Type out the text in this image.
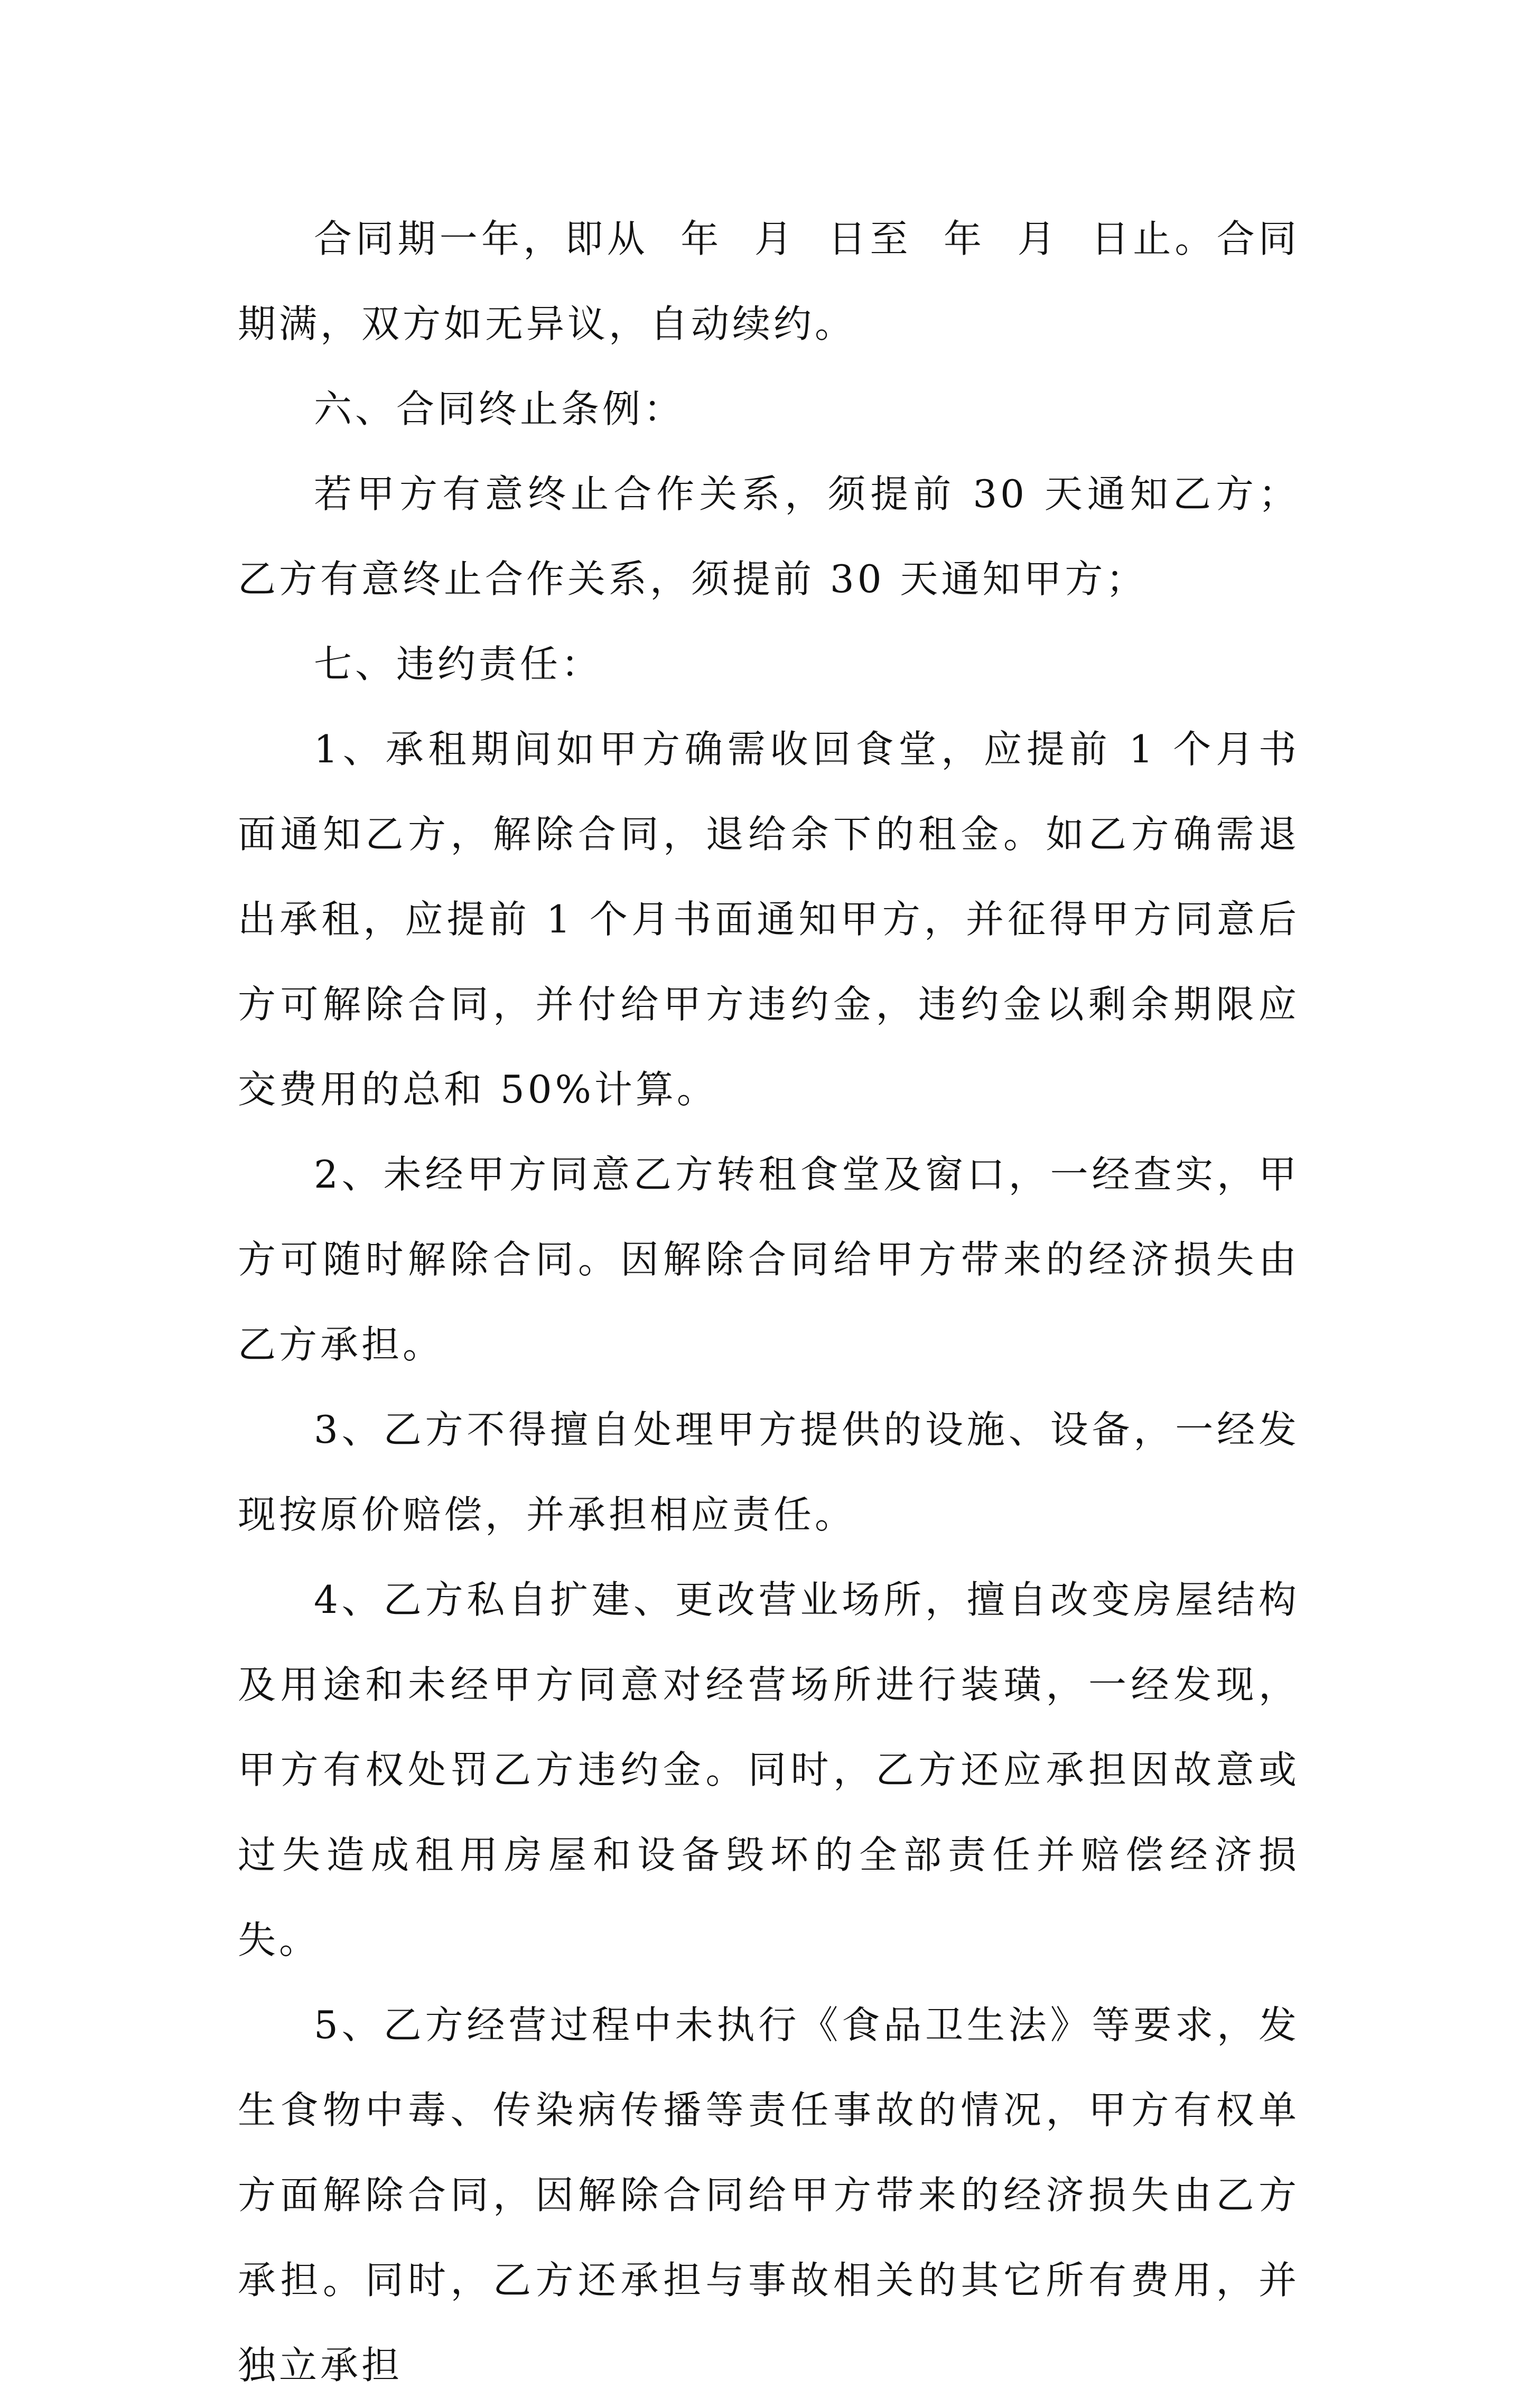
合同期一年，即从  年  月  日至  年  月  日止。合同期满，双方如无异议，自动续约。

六、合同终止条例：

若甲方有意终止合作关系，须提前 30 天通知乙方；乙方有意终止合作关系，须提前 30 天通知甲方；

七、违约责任：

1、承租期间如甲方确需收回食堂，应提前 1 个月书面通知乙方，解除合同，退给余下的租金。如乙方确需退出承租，应提前 1 个月书面通知甲方，并征得甲方同意后方可解除合同，并付给甲方违约金，违约金以剩余期限应交费用的总和 50%计算。

2、未经甲方同意乙方转租食堂及窗口，一经查实，甲方可随时解除合同。因解除合同给甲方带来的经济损失由乙方承担。

3、乙方不得擅自处理甲方提供的设施、设备，一经发现按原价赔偿，并承担相应责任。

4、乙方私自扩建、更改营业场所，擅自改变房屋结构及用途和未经甲方同意对经营场所进行装璜，一经发现，甲方有权处罚乙方违约金。同时，乙方还应承担因故意或过失造成租用房屋和设备毁坏的全部责任并赔偿经济损失。

5、乙方经营过程中未执行《食品卫生法》等要求，发生食物中毒、传染病传播等责任事故的情况，甲方有权单方面解除合同，因解除合同给甲方带来的经济损失由乙方承担。同时，乙方还承担与事故相关的其它所有费用，并独立承担
